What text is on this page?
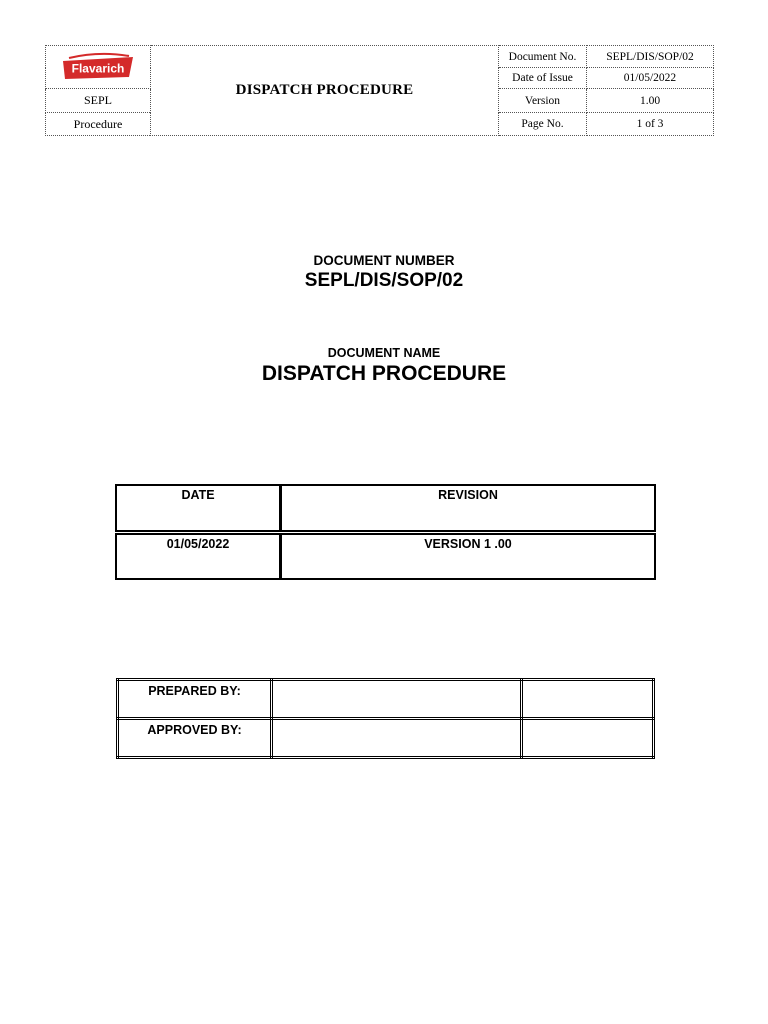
Flavarich	DISPATCH PROCEDURE	Document No.	SEPL/DIS/SOP/02
		Date of Issue	01/05/2022
SEPL		Version	1.00
Procedure		Page No.	1 of 3
DOCUMENT NUMBER
SEPL/DIS/SOP/02
DOCUMENT NAME
DISPATCH PROCEDURE
DATE	REVISION
01/05/2022	VERSION 1 .00
PREPARED BY:		
APPROVED BY:		
